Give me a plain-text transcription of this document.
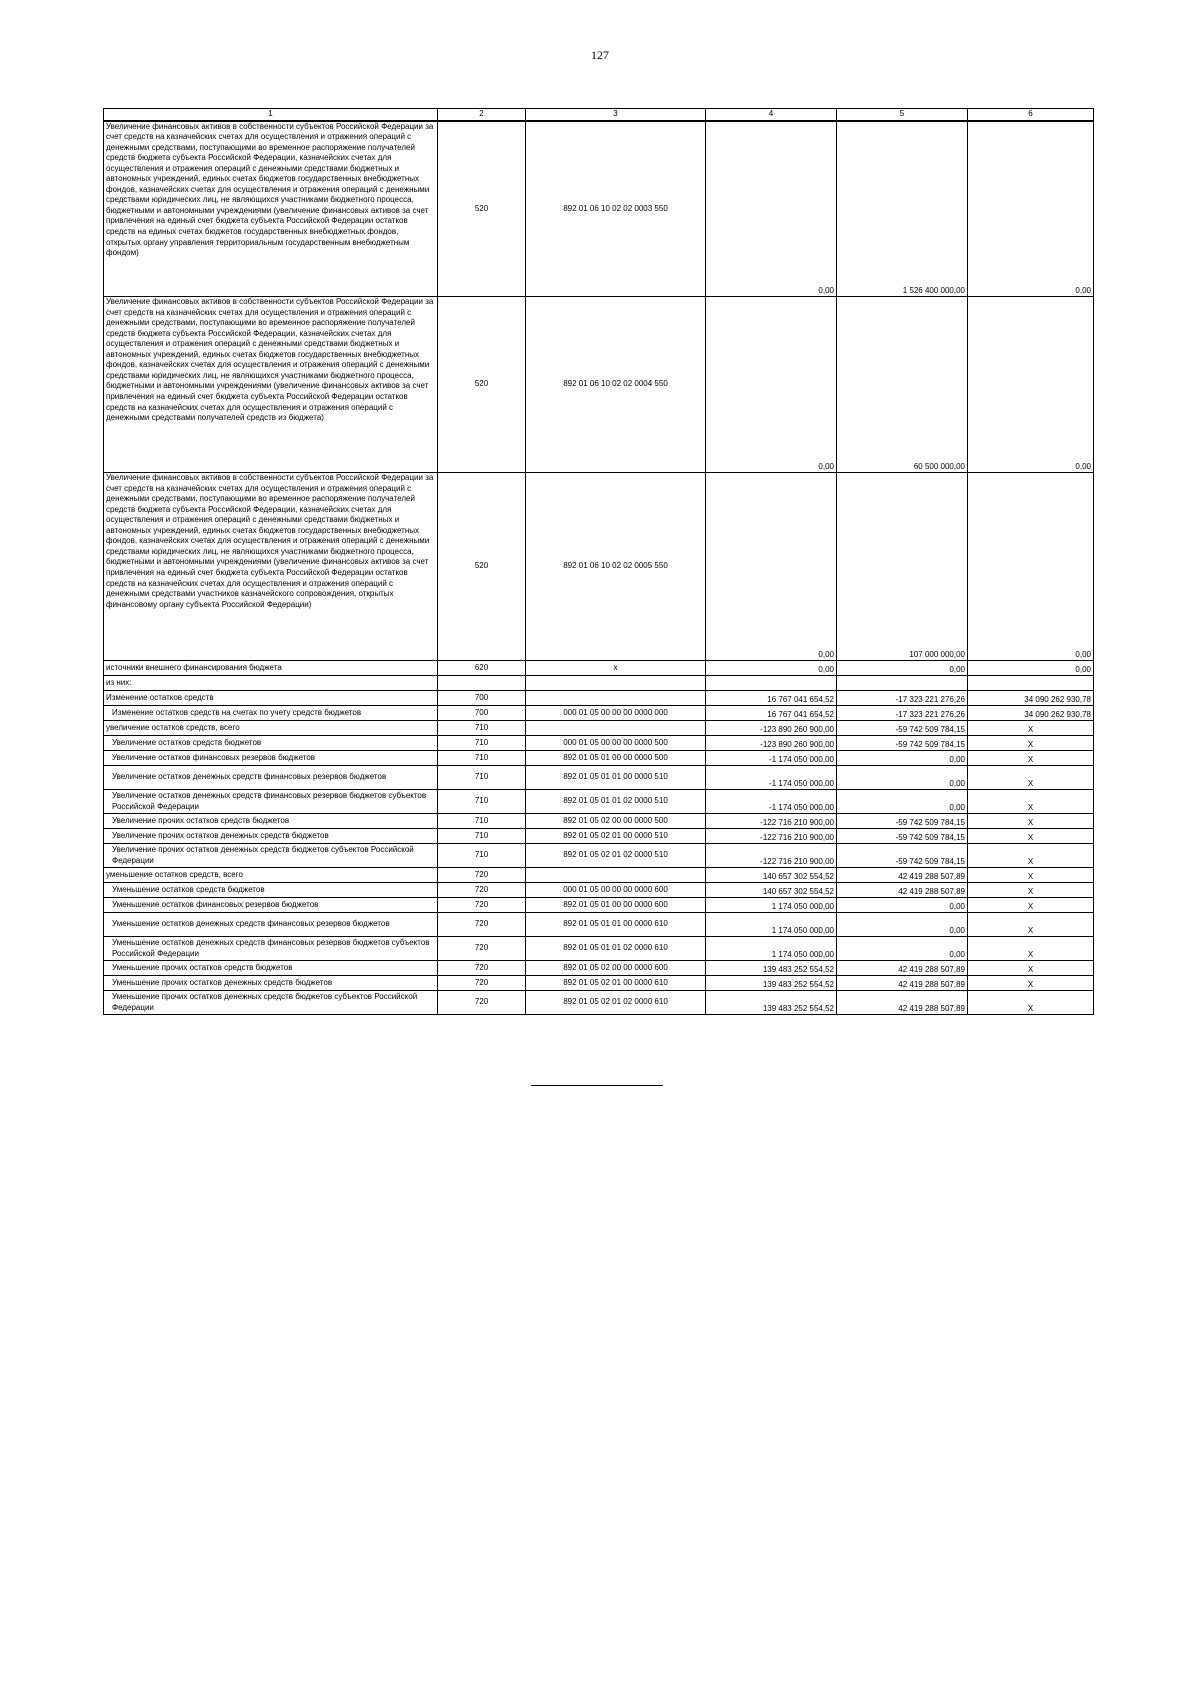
127
1	2	3	4	5	6
Увеличение финансовых активов в собственности субъектов Российской Федерации за счет средств на казначейских счетах для осуществления и отражения операций с денежными средствами, поступающими во временное распоряжение получателей средств бюджета субъекта Российской Федерации, казначейских счетах для осуществления и отражения операций с денежными средствами бюджетных и автономных учреждений, единых счетах бюджетов государственных внебюджетных фондов, казначейских счетах для осуществления и отражения операций с денежными средствами юридических лиц, не являющихся участниками бюджетного процесса, бюджетными и автономными учреждениями (увеличение финансовых активов за счет привлечения на единый счет бюджета субъекта Российской Федерации остатков средств на единых счетах бюджетов государственных внебюджетных фондов, открытых органу управления территориальным государственным внебюджетным фондом)	520	892 01 06 10 02 02 0003 550	0,00	1 526 400 000,00	0,00
Увеличение финансовых активов в собственности субъектов Российской Федерации за счет средств на казначейских счетах для осуществления и отражения операций с денежными средствами, поступающими во временное распоряжение получателей средств бюджета субъекта Российской Федерации, казначейских счетах для осуществления и отражения операций с денежными средствами бюджетных и автономных учреждений, единых счетах бюджетов государственных внебюджетных фондов, казначейских счетах для осуществления и отражения операций с денежными средствами юридических лиц, не являющихся участниками бюджетного процесса, бюджетными и автономными учреждениями (увеличение финансовых активов за счет привлечения на единый счет бюджета субъекта Российской Федерации остатков средств на казначейских счетах для осуществления и отражения операций с денежными средствами получателей средств из бюджета)	520	892 01 06 10 02 02 0004 550	0,00	60 500 000,00	0,00
Увеличение финансовых активов в собственности субъектов Российской Федерации за счет средств на казначейских счетах для осуществления и отражения операций с денежными средствами, поступающими во временное распоряжение получателей средств бюджета субъекта Российской Федерации, казначейских счетах для осуществления и отражения операций с денежными средствами бюджетных и автономных учреждений, единых счетах бюджетов государственных внебюджетных фондов, казначейских счетах для осуществления и отражения операций с денежными средствами юридических лиц, не являющихся участниками бюджетного процесса, бюджетными и автономными учреждениями (увеличение финансовых активов за счет привлечения на единый счет бюджета субъекта Российской Федерации остатков средств на казначейских счетах для осуществления и отражения операций с денежными средствами участников казначейского сопровождения, открытых финансовому органу субъекта Российской Федерации)	520	892 01 06 10 02 02 0005 550	0,00	107 000 000,00	0,00
источники внешнего финансирования бюджета	620	x	0,00	0,00	0,00
из них:					
Изменение остатков средств	700		16 767 041 654,52	-17 323 221 276,26	34 090 262 930,78
Изменение остатков средств на счетах по учету средств бюджетов	700	000 01 05 00 00 00 0000 000	16 767 041 654,52	-17 323 221 276,26	34 090 262 930,78
увеличение остатков средств, всего	710		-123 890 260 900,00	-59 742 509 784,15	X
Увеличение остатков средств бюджетов	710	000 01 05 00 00 00 0000 500	-123 890 260 900,00	-59 742 509 784,15	X
Увеличение остатков финансовых резервов бюджетов	710	892 01 05 01 00 00 0000 500	-1 174 050 000,00	0,00	X
Увеличение остатков денежных средств финансовых резервов бюджетов	710	892 01 05 01 01 00 0000 510	-1 174 050 000,00	0,00	X
Увеличение остатков денежных средств финансовых резервов бюджетов субъектов Российской Федерации	710	892 01 05 01 01 02 0000 510	-1 174 050 000,00	0,00	X
Увеличение прочих остатков средств бюджетов	710	892 01 05 02 00 00 0000 500	-122 716 210 900,00	-59 742 509 784,15	X
Увеличение прочих остатков денежных средств бюджетов	710	892 01 05 02 01 00 0000 510	-122 716 210 900,00	-59 742 509 784,15	X
Увеличение прочих остатков денежных средств бюджетов субъектов Российской Федерации	710	892 01 05 02 01 02 0000 510	-122 716 210 900,00	-59 742 509 784,15	X
уменьшение остатков средств, всего	720		140 657 302 554,52	42 419 288 507,89	X
Уменьшение остатков средств бюджетов	720	000 01 05 00 00 00 0000 600	140 657 302 554,52	42 419 288 507,89	X
Уменьшение остатков финансовых резервов бюджетов	720	892 01 05 01 00 00 0000 600	1 174 050 000,00	0,00	X
Уменьшение остатков денежных средств финансовых резервов бюджетов	720	892 01 05 01 01 00 0000 610	1 174 050 000,00	0,00	X
Уменьшение остатков денежных средств финансовых резервов бюджетов субъектов Российской Федерации	720	892 01 05 01 01 02 0000 610	1 174 050 000,00	0,00	X
Уменьшение прочих остатков средств бюджетов	720	892 01 05 02 00 00 0000 600	139 483 252 554,52	42 419 288 507,89	X
Уменьшение прочих остатков денежных средств бюджетов	720	892 01 05 02 01 00 0000 610	139 483 252 554,52	42 419 288 507,89	X
Уменьшение прочих остатков денежных средств бюджетов субъектов Российской Федерации	720	892 01 05 02 01 02 0000 610	139 483 252 554,52	42 419 288 507,89	X
